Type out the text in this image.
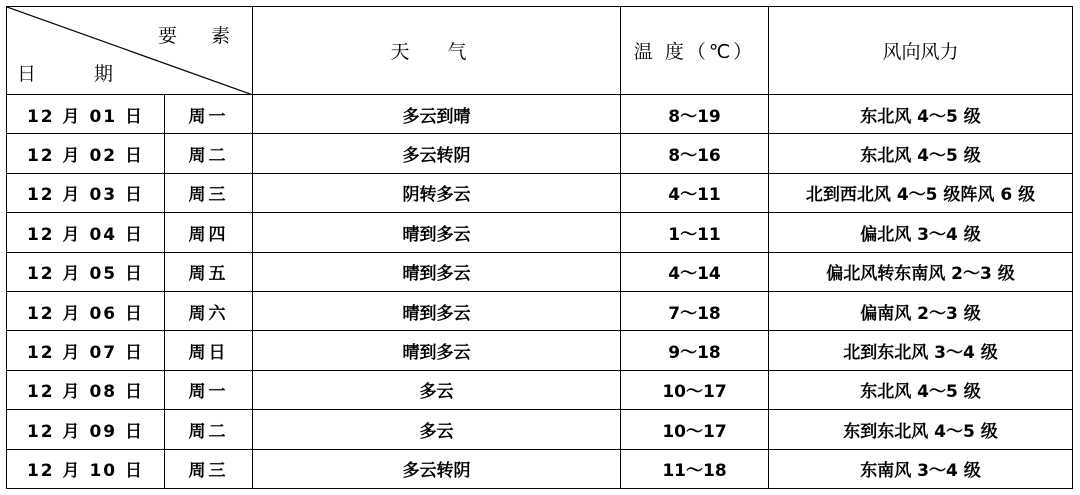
要 素
日 期		天 气	温 度（℃）	风向风力
12 月 01 日	周一	多云到晴	8～19	东北风 4～5 级
12 月 02 日	周二	多云转阴	8～16	东北风 4～5 级
12 月 03 日	周三	阴转多云	4～11	北到西北风 4～5 级阵风 6 级
12 月 04 日	周四	晴到多云	1～11	偏北风 3～4 级
12 月 05 日	周五	晴到多云	4～14	偏北风转东南风 2～3 级
12 月 06 日	周六	晴到多云	7～18	偏南风 2～3 级
12 月 07 日	周日	晴到多云	9～18	北到东北风 3～4 级
12 月 08 日	周一	多云	10～17	东北风 4～5 级
12 月 09 日	周二	多云	10～17	东到东北风 4～5 级
12 月 10 日	周三	多云转阴	11～18	东南风 3～4 级
